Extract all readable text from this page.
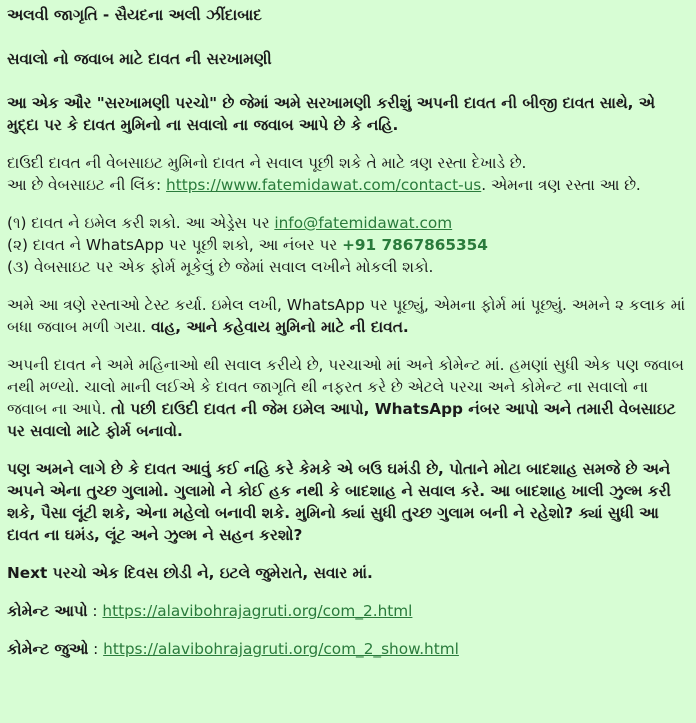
અલવી જાગૃતિ - સૈયદના અલી ઝીંદાબાદ

સવાલો નો જવાબ માટે દાવત ની સરખામણી

આ એક ઔર "સરખામણી પરચો" છે જેમાં અમે સરખામણી કરીશું અપની દાવત ની બીજી દાવત સાથે, એ મુદ્દા પર કે દાવત મુમિનો ના સવાલો ના જવાબ આપે છે કે નહિ.

દાઉદી દાવત ની વેબસાઇટ મુમિનો દાવત ને સવાલ પૂછી શકે તે માટે ત્રણ રસ્તા દેખાડે છે.
આ છે વેબસાઇટ ની લિંક: https://www.fatemidawat.com/contact-us. એમના ત્રણ રસ્તા આ છે.

(૧) દાવત ને ઇમેલ કરી શકો. આ એડ્રેસ પર info@fatemidawat.com
(૨) દાવત ને WhatsApp પર પૂછી શકો, આ નંબર પર +91 7867865354
(૩) વેબસાઇટ પર એક ફોર્મ મૂકેલું છે જેમાં સવાલ લખીને મોકલી શકો.

અમે આ ત્રણે રસ્તાઓ ટેસ્ટ કર્યા. ઇમેલ લખી, WhatsApp પર પૂછ્યું, એમના ફોર્મ માં પૂછ્યું. અમને ૨ કલાક માં બધા જવાબ મળી ગયા. વાહ, આને કહેવાય મુમિનો માટે ની દાવત.

અપની દાવત ને અમે મહિનાઓ થી સવાલ કરીયે છે, પરચાઓ માં અને કોમેન્ટ માં. હમણાં સુધી એક પણ જવાબ નથી મળ્યો. ચાલો માની લઈએ કે દાવત જાગૃતિ થી નફરત કરે છે એટલે પરચા અને કોમેન્ટ ના સવાલો ના જવાબ ના આપે. તો પછી દાઉદી દાવત ની જેમ ઇમેલ આપો, WhatsApp નંબર આપો અને તમારી વેબસાઇટ પર સવાલો માટે ફોર્મ બનાવો.

પણ અમને લાગે છે કે દાવત આવું કઈ નહિ કરે કેમકે એ બઉ ઘમંડી છે, પોતાને મોટા બાદશાહ સમજે છે અને અપને એના તુચ્છ ગુલામો. ગુલામો ને કોઈ હક નથી કે બાદશાહ ને સવાલ કરે. આ બાદશાહ ખાલી ઝુલ્મ કરી શકે, પૈસા લૂંટી શકે, એના મહેલો બનાવી શકે. મુમિનો ક્યાં સુધી તુચ્છ ગુલામ બની ને રહેશો? ક્યાં સુધી આ દાવત ના ઘમંડ, લૂંટ અને ઝુલ્મ ને સહન કરશો?

Next પરચો એક દિવસ છોડી ને, ઇટલે જુમેરાતે, સવાર માં.

કોમેન્ટ આપો : https://alavibohrajagruti.org/com_2.html

કોમેન્ટ જુઓ : https://alavibohrajagruti.org/com_2_show.html
